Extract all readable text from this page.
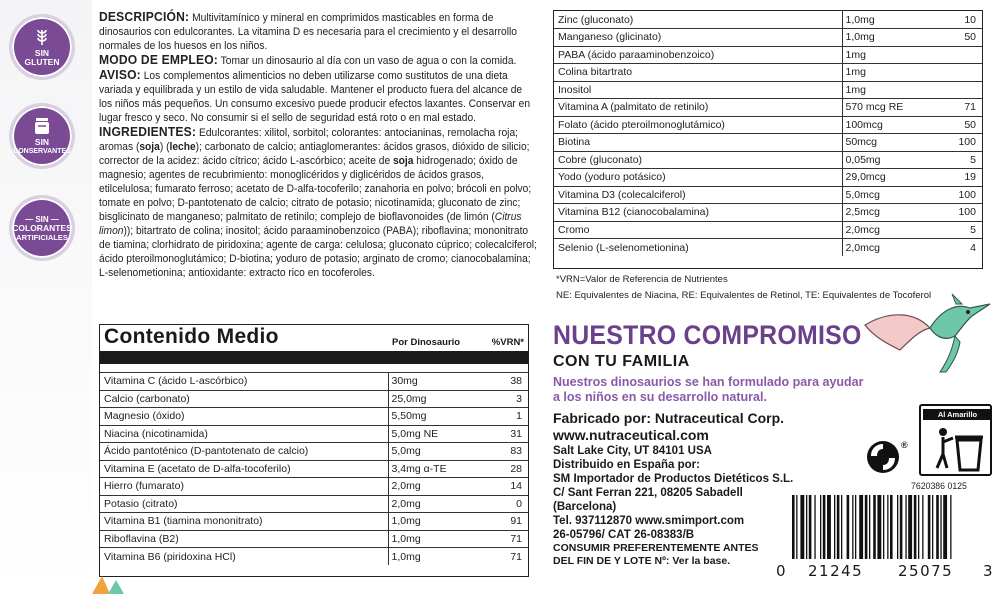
SIN
GLUTEN
SIN
CONSERVANTES
— SIN —
COLORANTES
ARTIFICIALES

DESCRIPCIÓN: Multivitamínico y mineral en comprimidos masticables en forma de dinosaurios con edulcorantes. La vitamina D es necesaria para el crecimiento y el desarrollo normales de los huesos en los niños.

MODO DE EMPLEO: Tomar un dinosaurio al día con un vaso de agua o con la comida.

AVISO: Los complementos alimenticios no deben utilizarse como sustitutos de una dieta variada y equilibrada y un estilo de vida saludable. Mantener el producto fuera del alcance de los niños más pequeños. Un consumo excesivo puede producir efectos laxantes. Conservar en lugar fresco y seco. No consumir si el sello de seguridad está roto o en mal estado.

INGREDIENTES: Edulcorantes: xilitol, sorbitol; colorantes: antocianinas, remolacha roja; aromas (soja) (leche); carbonato de calcio; antiaglomerantes: ácidos grasos, dióxido de silicio; corrector de la acidez: ácido cítrico; ácido L-ascórbico; aceite de soja hidrogenado; óxido de magnesio; agentes de recubrimiento: monoglicéridos y diglicéridos de ácidos grasos, etilcelulosa; fumarato ferroso; acetato de D-alfa-tocoferilo; zanahoria en polvo; brócoli en polvo; tomate en polvo; D-pantotenato de calcio; citrato de potasio; nicotinamida; gluconato de zinc; bisglicinato de manganeso; palmitato de retinilo; complejo de bioflavonoides (de limón (Citrus limon)); bitartrato de colina; inositol; ácido paraaminobenzoico (PABA); riboflavina; mononitrato de tiamina; clorhidrato de piridoxina; agente de carga: celulosa; gluconato cúprico; colecalciferol; ácido pteroilmonoglutámico; D-biotina; yoduro de potasio; arginato de cromo; cianocobalamina; L-selenometionina; antioxidante: extracto rico en tocoferoles.

Contenido Medio	Por Dinosaurio	%VRN*
Vitamina C (ácido L-ascórbico)	30mg	38
Calcio (carbonato)	25,0mg	3
Magnesio (óxido)	5,50mg	1
Niacina (nicotinamida)	5,0mg NE	31
Ácido pantoténico (D-pantotenato de calcio)	5,0mg	83
Vitamina E (acetato de D-alfa-tocoferilo)	3,4mg α-TE	28
Hierro (fumarato)	2,0mg	14
Potasio (citrato)	2,0mg	0
Vitamina B1 (tiamina mononitrato)	1,0mg	91
Riboflavina (B2)	1,0mg	71
Vitamina B6 (piridoxina HCl)	1,0mg	71
Zinc (gluconato)	1,0mg	10
Manganeso (glicinato)	1,0mg	50
PABA (ácido paraaminobenzoico)	1mg	
Colina bitartrato	1mg	
Inositol	1mg	
Vitamina A (palmitato de retinilo)	570 mcg RE	71
Folato (ácido pteroilmonoglutámico)	100mcg	50
Biotina	50mcg	100
Cobre (gluconato)	0,05mg	5
Yodo (yoduro potásico)	29,0mcg	19
Vitamina D3 (colecalciferol)	5,0mcg	100
Vitamina B12 (cianocobalamina)	2,5mcg	100
Cromo	2,0mcg	5
Selenio (L-selenometionina)	2,0mcg	4
*VRN=Valor de Referencia de Nutrientes
NE: Equivalentes de Niacina, RE: Equivalentes de Retinol, TE: Equivalentes de Tocoferol
NUESTRO COMPROMISO
CON TU FAMILIA
Nuestros dinosaurios se han formulado para ayudar
a los niños en su desarrollo natural.
Fabricado por: Nutraceutical Corp.
www.nutraceutical.com
Salt Lake City, UT 84101 USA
Distribuido en España por:
SM Importador de Productos Dietéticos S.L.
C/ Sant Ferran 221, 08205 Sabadell
(Barcelona)
Tel. 937112870 www.smimport.com
26-05796/ CAT 26-08383/B
CONSUMIR PREFERENTEMENTE ANTES
DEL FIN DE Y LOTE Nº: Ver la base.
®
Al Amarillo
7620386 0125
0 21245 25075 3
